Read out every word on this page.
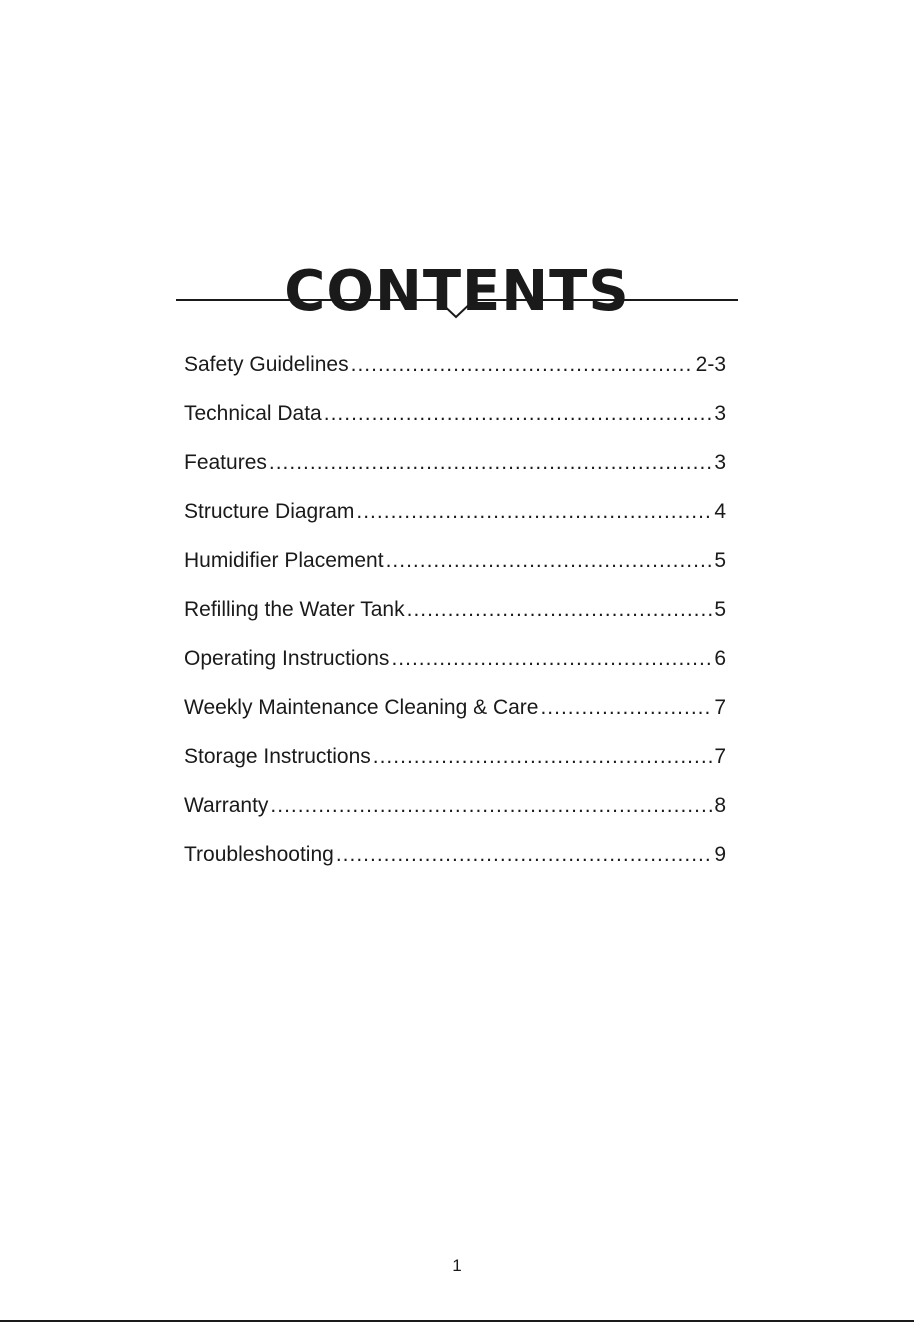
CONTENTS
Safety Guidelines .....	2-3
Technical Data .....	3
Features .....	3
Structure Diagram .....	4
Humidifier Placement .....	5
Refilling the Water Tank .....	5
Operating Instructions .....	6
Weekly Maintenance Cleaning & Care .....	7
Storage Instructions .....	7
Warranty .....	8
Troubleshooting .....	9
1
